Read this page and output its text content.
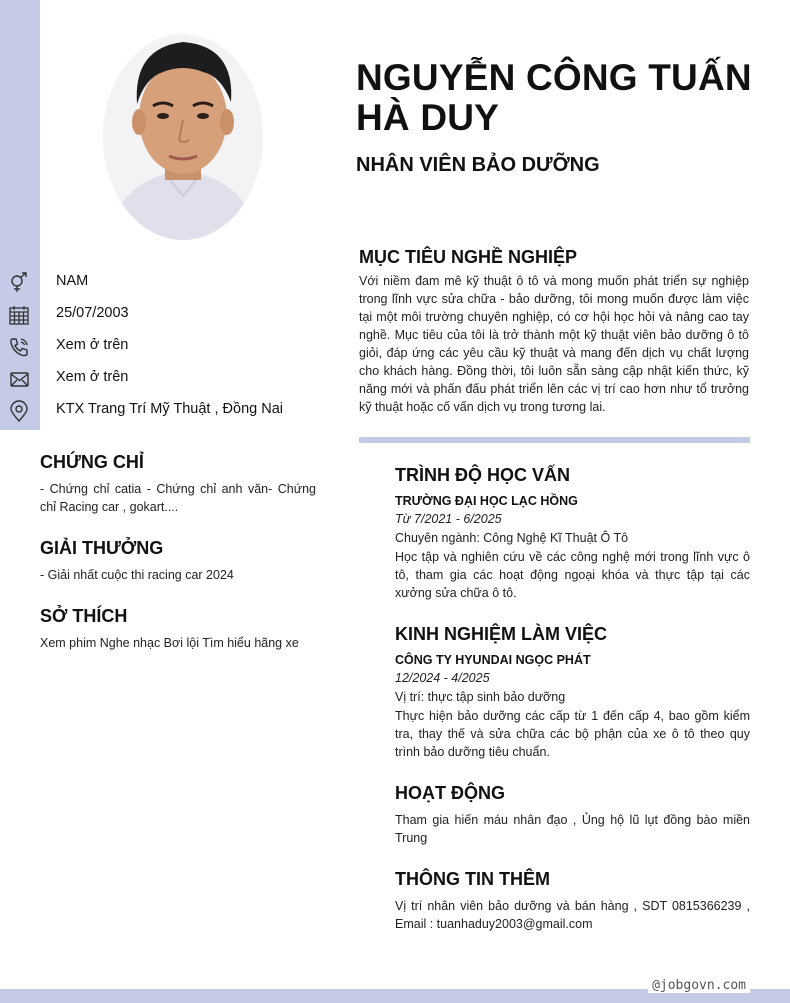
NGUYỄN CÔNG TUẤN HÀ DUY
NHÂN VIÊN BẢO DƯỠNG
NAM
25/07/2003
Xem ở trên
Xem ở trên
KTX Trang Trí Mỹ Thuật , Đồng Nai
CHỨNG CHỈ

- Chứng chỉ catia - Chứng chỉ anh văn- Chứng chỉ Racing car , gokart....

GIẢI THƯỞNG

- Giải nhất cuộc thi racing car 2024

SỞ THÍCH

Xem phim Nghe nhạc Bơi lội Tìm hiểu hãng xe

MỤC TIÊU NGHỀ NGHIỆP

Với niềm đam mê kỹ thuật ô tô và mong muốn phát triển sự nghiệp trong lĩnh vực sửa chữa - bảo dưỡng, tôi mong muốn được làm việc tại một môi trường chuyên nghiệp, có cơ hội học hỏi và nâng cao tay nghề. Mục tiêu của tôi là trở thành một kỹ thuật viên bảo dưỡng ô tô giỏi, đáp ứng các yêu cầu kỹ thuật và mang đến dịch vụ chất lượng cho khách hàng. Đồng thời, tôi luôn sẵn sàng cập nhật kiến thức, kỹ năng mới và phấn đấu phát triển lên các vị trí cao hơn như tổ trưởng kỹ thuật hoặc cố vấn dịch vụ trong tương lai.

TRÌNH ĐỘ HỌC VẤN

TRƯỜNG ĐẠI HỌC LẠC HỒNG

Từ 7/2021 - 6/2025

Chuyên ngành: Công Nghệ Kĩ Thuật Ô Tô

Học tập và nghiên cứu về các công nghệ mới trong lĩnh vực ô tô, tham gia các hoạt động ngoại khóa và thực tập tại các xưởng sửa chữa ô tô.

KINH NGHIỆM LÀM VIỆC

CÔNG TY HYUNDAI NGỌC PHÁT

12/2024 - 4/2025

Vị trí: thực tập sinh bảo dưỡng

Thực hiện bảo dưỡng các cấp từ 1 đến cấp 4, bao gồm kiểm tra, thay thế và sửa chữa các bộ phận của xe ô tô theo quy trình bảo dưỡng tiêu chuẩn.

HOẠT ĐỘNG

Tham gia hiến máu nhân đạo , Ủng hộ lũ lụt đồng bào miền Trung

THÔNG TIN THÊM

Vị trí nhân viên bảo dưỡng và bán hàng , SDT 0815366239 , Email : tuanhaduy2003@gmail.com

@jobgovn.com
